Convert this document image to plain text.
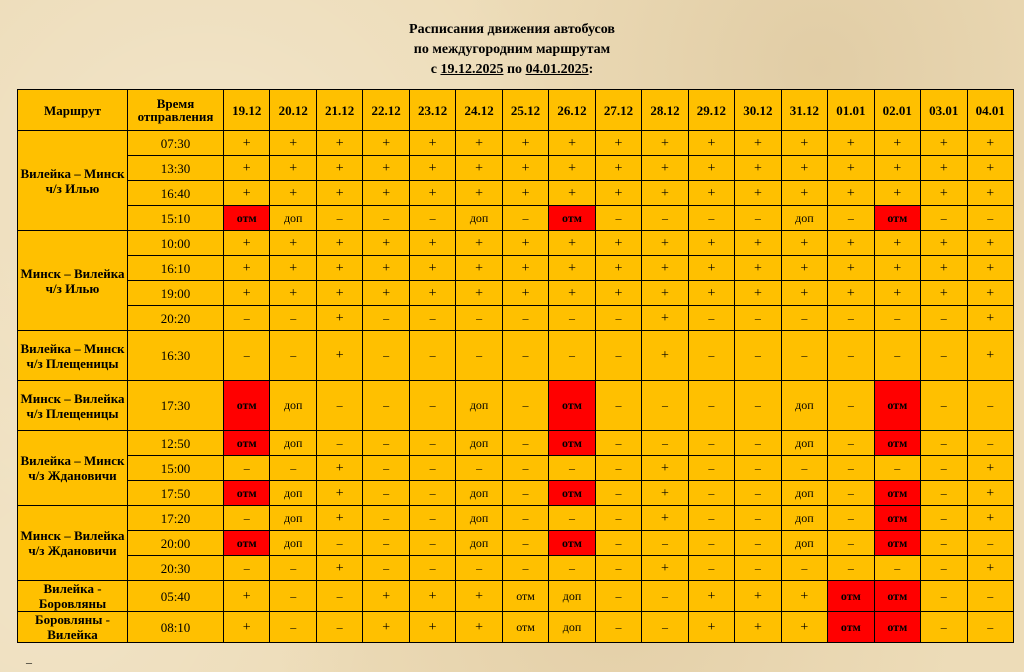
Расписания движения автобусов
по междугородним маршрутам
с 19.12.2025 по 04.01.2025:
Маршрут	Время отправления	19.12	20.12	21.12	22.12	23.12	24.12	25.12	26.12	27.12	28.12	29.12	30.12	31.12	01.01	02.01	03.01	04.01
Вилейка – Минск ч/з Илью	07:30	+	+	+	+	+	+	+	+	+	+	+	+	+	+	+	+	+
	13:30	+	+	+	+	+	+	+	+	+	+	+	+	+	+	+	+	+
	16:40	+	+	+	+	+	+	+	+	+	+	+	+	+	+	+	+	+
	15:10	отм	доп	–	–	–	доп	–	отм	–	–	–	–	доп	–	отм	–	–
Минск – Вилейка ч/з Илью	10:00	+	+	+	+	+	+	+	+	+	+	+	+	+	+	+	+	+
	16:10	+	+	+	+	+	+	+	+	+	+	+	+	+	+	+	+	+
	19:00	+	+	+	+	+	+	+	+	+	+	+	+	+	+	+	+	+
	20:20	–	–	+	–	–	–	–	–	–	+	–	–	–	–	–	–	+
Вилейка – Минск ч/з Плещеницы	16:30	–	–	+	–	–	–	–	–	–	+	–	–	–	–	–	–	+
Минск – Вилейка ч/з Плещеницы	17:30	отм	доп	–	–	–	доп	–	отм	–	–	–	–	доп	–	отм	–	–
Вилейка – Минск ч/з Ждановичи	12:50	отм	доп	–	–	–	доп	–	отм	–	–	–	–	доп	–	отм	–	–
	15:00	–	–	+	–	–	–	–	–	–	+	–	–	–	–	–	–	+
	17:50	отм	доп	+	–	–	доп	–	отм	–	+	–	–	доп	–	отм	–	+
Минск – Вилейка ч/з Ждановичи	17:20	–	доп	+	–	–	доп	–	–	–	+	–	–	доп	–	отм	–	+
	20:00	отм	доп	–	–	–	доп	–	отм	–	–	–	–	доп	–	отм	–	–
	20:30	–	–	+	–	–	–	–	–	–	+	–	–	–	–	–	–	+
Вилейка - Боровляны	05:40	+	–	–	+	+	+	отм	доп	–	–	+	+	+	отм	отм	–	–
Боровляны - Вилейка	08:10	+	–	–	+	+	+	отм	доп	–	–	+	+	+	отм	отм	–	–
–
